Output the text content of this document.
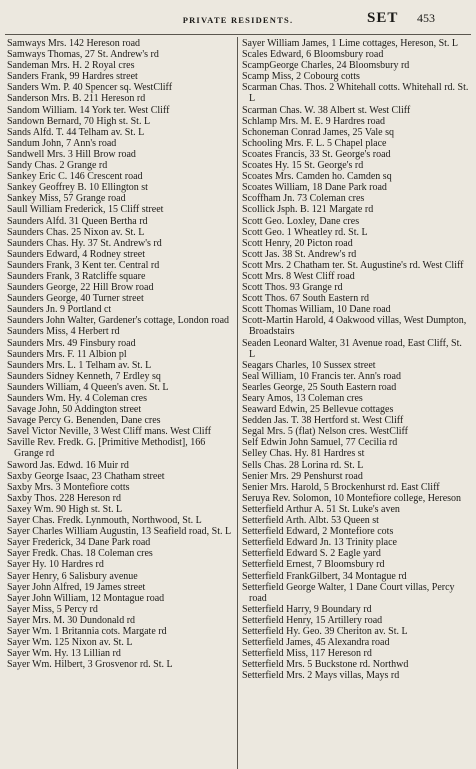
PRIVATE RESIDENTS.	SET 453
Samways Mrs. 142 Hereson road
Samways Thomas, 27 St. Andrew's rd
Sandeman Mrs. H. 2 Royal cres
Sanders Frank, 99 Hardres street
Sanders Wm. P. 40 Spencer sq. WestCliff
Sanderson Mrs. B. 211 Hereson rd
Sandom William. 14 York ter. West Cliff
Sandown Bernard, 70 High st. St. L
Sands Alfd. T. 44 Telham av. St. L
Sandum John, 7 Ann's road
Sandwell Mrs. 3 Hill Brow road
Sandy Chas. 2 Grange rd
Sankey Eric C. 146 Crescent road
Sankey Geoffrey B. 10 Ellington st
Sankey Miss, 57 Grange road
Saull William Frederick, 15 Cliff street
Saunders Alfd. 31 Queen Bertha rd
Saunders Chas. 25 Nixon av. St. L
Saunders Chas. Hy. 37 St. Andrew's rd
Saunders Edward, 4 Rodney street
Saunders Frank, 3 Kent ter. Central rd
Saunders Frank, 3 Ratcliffe square
Saunders George, 22 Hill Brow road
Saunders George, 40 Turner street
Saunders Jn. 9 Portland ct
Saunders John Walter, Gardener's cottage, London road
Saunders Miss, 4 Herbert rd
Saunders Mrs. 49 Finsbury road
Saunders Mrs. F. 11 Albion pl
Saunders Mrs. L. 1 Telham av. St. L
Saunders Sidney Kenneth, 7 Erdley sq
Saunders William, 4 Queen's aven. St. L
Saunders Wm. Hy. 4 Coleman cres
Savage John, 50 Addington street
Savage Percy G. Benenden, Dane cres
Savel Victor Neville, 3 West Cliff mans. West Cliff
Saville Rev. Fredk. G. [Primitive Methodist], 166 Grange rd
Saword Jas. Edwd. 16 Muir rd
Saxby George Isaac, 23 Chatham street
Saxby Mrs. 3 Montefiore cotts
Saxby Thos. 228 Hereson rd
Saxey Wm. 90 High st. St. L
Sayer Chas. Fredk. Lynmouth, Northwood, St. L
Sayer Charles William Augustin, 13 Seafield road, St. L
Sayer Frederick, 34 Dane Park road
Sayer Fredk. Chas. 18 Coleman cres
Sayer Hy. 10 Hardres rd
Sayer Henry, 6 Salisbury avenue
Sayer John Alfred, 19 James street
Sayer John William, 12 Montague road
Sayer Miss, 5 Percy rd
Sayer Mrs. M. 30 Dundonald rd
Sayer Wm. 1 Britannia cots. Margate rd
Sayer Wm. 125 Nixon av. St. L
Sayer Wm. Hy. 13 Lillian rd
Sayer Wm. Hilbert, 3 Grosvenor rd. St. L
Sayer William James, 1 Lime cottages, Hereson, St. L
Scales Edward, 6 Bloomsbury road
ScampGeorge Charles, 24 Bloomsbury rd
Scamp Miss, 2 Cobourg cotts
Scarman Chas. Thos. 2 Whitehall cotts. Whitehall rd. St. L
Scarman Chas. W. 38 Albert st. West Cliff
Schlamp Mrs. M. E. 9 Hardres road
Schoneman Conrad James, 25 Vale sq
Schooling Mrs. F. L. 5 Chapel place
Scoates Francis, 33 St. George's road
Scoates Hy. 15 St. George's rd
Scoates Mrs. Camden ho. Camden sq
Scoates William, 18 Dane Park road
Scoffham Jn. 73 Coleman cres
Scollick Jsph. B. 121 Margate rd
Scott Geo. Loxley, Dane cres
Scott Geo. 1 Wheatley rd. St. L
Scott Henry, 20 Picton road
Scott Jas. 38 St. Andrew's rd
Scott Mrs. 2 Chatham ter. St. Augustine's rd. West Cliff
Scott Mrs. 8 West Cliff road
Scott Thos. 93 Grange rd
Scott Thos. 67 South Eastern rd
Scott Thomas William, 10 Dane road
Scott-Martin Harold, 4 Oakwood villas, West Dumpton, Broadstairs
Seaden Leonard Walter, 31 Avenue road, East Cliff, St. L
Seagars Charles, 10 Sussex street
Seal William, 10 Francis ter. Ann's road
Searles George, 25 South Eastern road
Seary Amos, 13 Coleman cres
Seaward Edwin, 25 Bellevue cottages
Sedden Jas. T. 38 Hertford st. West Cliff
Segal Mrs. 5 (flat) Nelson cres. WestCliff
Self Edwin John Samuel, 77 Cecilia rd
Selley Chas. Hy. 81 Hardres st
Sells Chas. 28 Lorina rd. St. L
Senier Mrs. 29 Penshurst road
Senier Mrs. Harold, 5 Brockenhurst rd. East Cliff
Seruya Rev. Solomon, 10 Montefiore college, Hereson
Setterfield Arthur A. 51 St. Luke's aven
Setterfield Arth. Albt. 53 Queen st
Setterfield Edward, 2 Montefiore cots
Setterfield Edward Jn. 13 Trinity place
Setterfield Edward S. 2 Eagle yard
Setterfield Ernest, 7 Bloomsbury rd
Setterfield FrankGilbert, 34 Montague rd
Setterfield George Walter, 1 Dane Court villas, Percy road
Setterfield Harry, 9 Boundary rd
Setterfield Henry, 15 Artillery road
Setterfield Hy. Geo. 39 Cheriton av. St. L
Setterfield James, 45 Alexandra road
Setterfield Miss, 117 Hereson rd
Setterfield Mrs. 5 Buckstone rd. Northwd
Setterfield Mrs. 2 Mays villas, Mays rd
